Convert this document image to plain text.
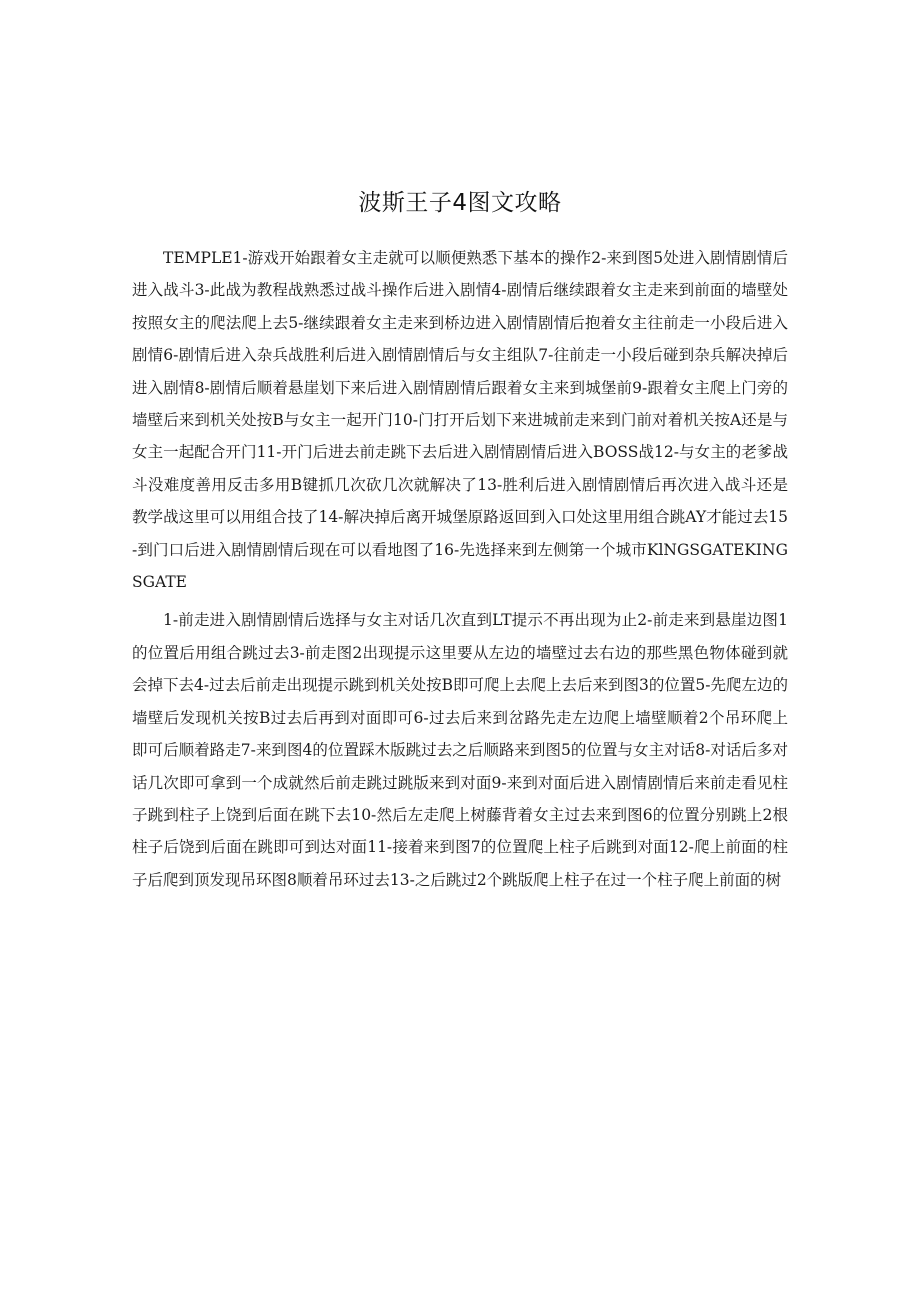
波斯王子4图文攻略

TEMPLE1-游戏开始跟着女主走就可以顺便熟悉下基本的操作2-来到图5处进入剧情剧情后进入战斗3-此战为教程战熟悉过战斗操作后进入剧情4-剧情后继续跟着女主走来到前面的墙壁处按照女主的爬法爬上去5-继续跟着女主走来到桥边进入剧情剧情后抱着女主往前走一小段后进入剧情6-剧情后进入杂兵战胜利后进入剧情剧情后与女主组队7-往前走一小段后碰到杂兵解决掉后进入剧情8-剧情后顺着悬崖划下来后进入剧情剧情后跟着女主来到城堡前9-跟着女主爬上门旁的墙壁后来到机关处按B与女主一起开门10-门打开后划下来进城前走来到门前对着机关按A还是与女主一起配合开门11-开门后进去前走跳下去后进入剧情剧情后进入BOSS战12-与女主的老爹战斗没难度善用反击多用B键抓几次砍几次就解决了13-胜利后进入剧情剧情后再次进入战斗还是教学战这里可以用组合技了14-解决掉后离开城堡原路返回到入口处这里用组合跳AY才能过去15-到门口后进入剧情剧情后现在可以看地图了16-先选择来到左侧第一个城市KlNGSGATEKINGSGATE

1-前走进入剧情剧情后选择与女主对话几次直到LT提示不再出现为止2-前走来到悬崖边图1的位置后用组合跳过去3-前走图2出现提示这里要从左边的墙壁过去右边的那些黑色物体碰到就会掉下去4-过去后前走出现提示跳到机关处按B即可爬上去爬上去后来到图3的位置5-先爬左边的墙壁后发现机关按B过去后再到对面即可6-过去后来到岔路先走左边爬上墙壁顺着2个吊环爬上即可后顺着路走7-来到图4的位置踩木版跳过去之后顺路来到图5的位置与女主对话8-对话后多对话几次即可拿到一个成就然后前走跳过跳版来到对面9-来到对面后进入剧情剧情后来前走看见柱子跳到柱子上饶到后面在跳下去10-然后左走爬上树藤背着女主过去来到图6的位置分别跳上2根柱子后饶到后面在跳即可到达对面11-接着来到图7的位置爬上柱子后跳到对面12-爬上前面的柱子后爬到顶发现吊环图8顺着吊环过去13-之后跳过2个跳版爬上柱子在过一个柱子爬上前面的树
